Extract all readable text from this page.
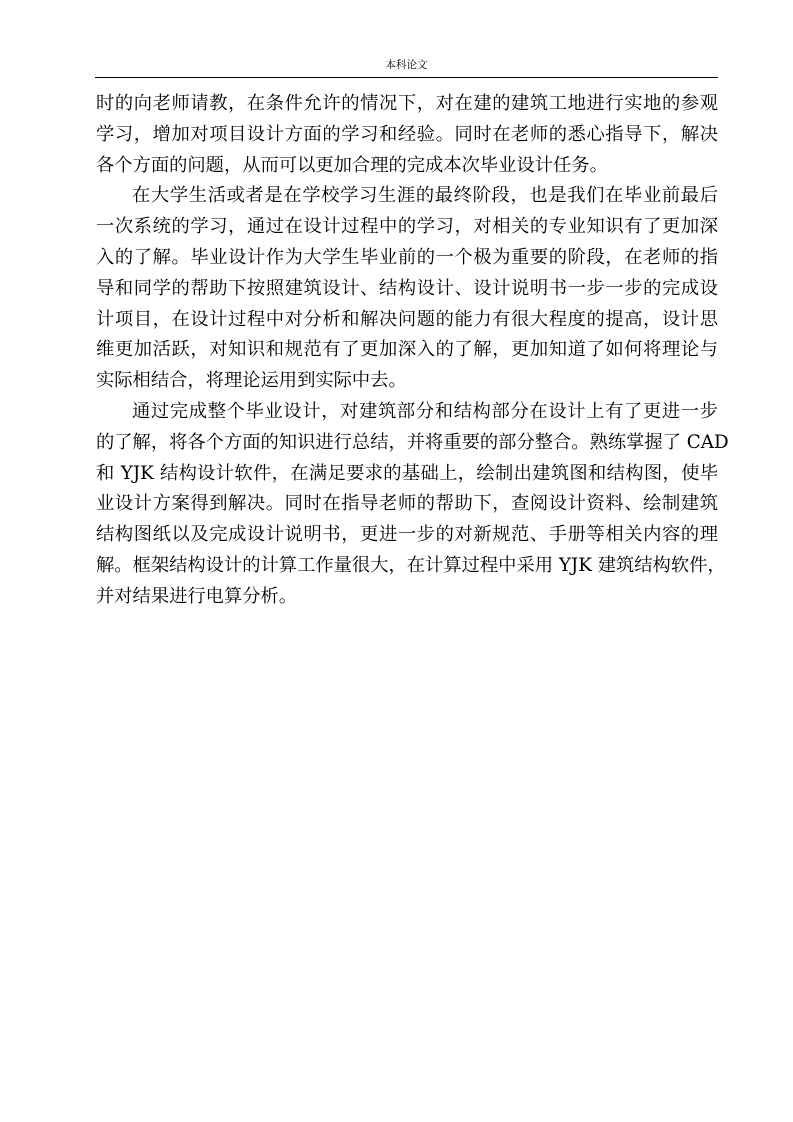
本科论文
时的向老师请教，在条件允许的情况下，对在建的建筑工地进行实地的参观
学习，增加对项目设计方面的学习和经验。同时在老师的悉心指导下，解决
各个方面的问题，从而可以更加合理的完成本次毕业设计任务。
在大学生活或者是在学校学习生涯的最终阶段，也是我们在毕业前最后
一次系统的学习，通过在设计过程中的学习，对相关的专业知识有了更加深
入的了解。毕业设计作为大学生毕业前的一个极为重要的阶段，在老师的指
导和同学的帮助下按照建筑设计、结构设计、设计说明书一步一步的完成设
计项目，在设计过程中对分析和解决问题的能力有很大程度的提高，设计思
维更加活跃，对知识和规范有了更加深入的了解，更加知道了如何将理论与
实际相结合，将理论运用到实际中去。
通过完成整个毕业设计，对建筑部分和结构部分在设计上有了更进一步
的了解，将各个方面的知识进行总结，并将重要的部分整合。熟练掌握了 CAD
和 YJK 结构设计软件，在满足要求的基础上，绘制出建筑图和结构图，使毕
业设计方案得到解决。同时在指导老师的帮助下，查阅设计资料、绘制建筑
结构图纸以及完成设计说明书，更进一步的对新规范、手册等相关内容的理
解。框架结构设计的计算工作量很大，在计算过程中采用 YJK 建筑结构软件，
并对结果进行电算分析。
